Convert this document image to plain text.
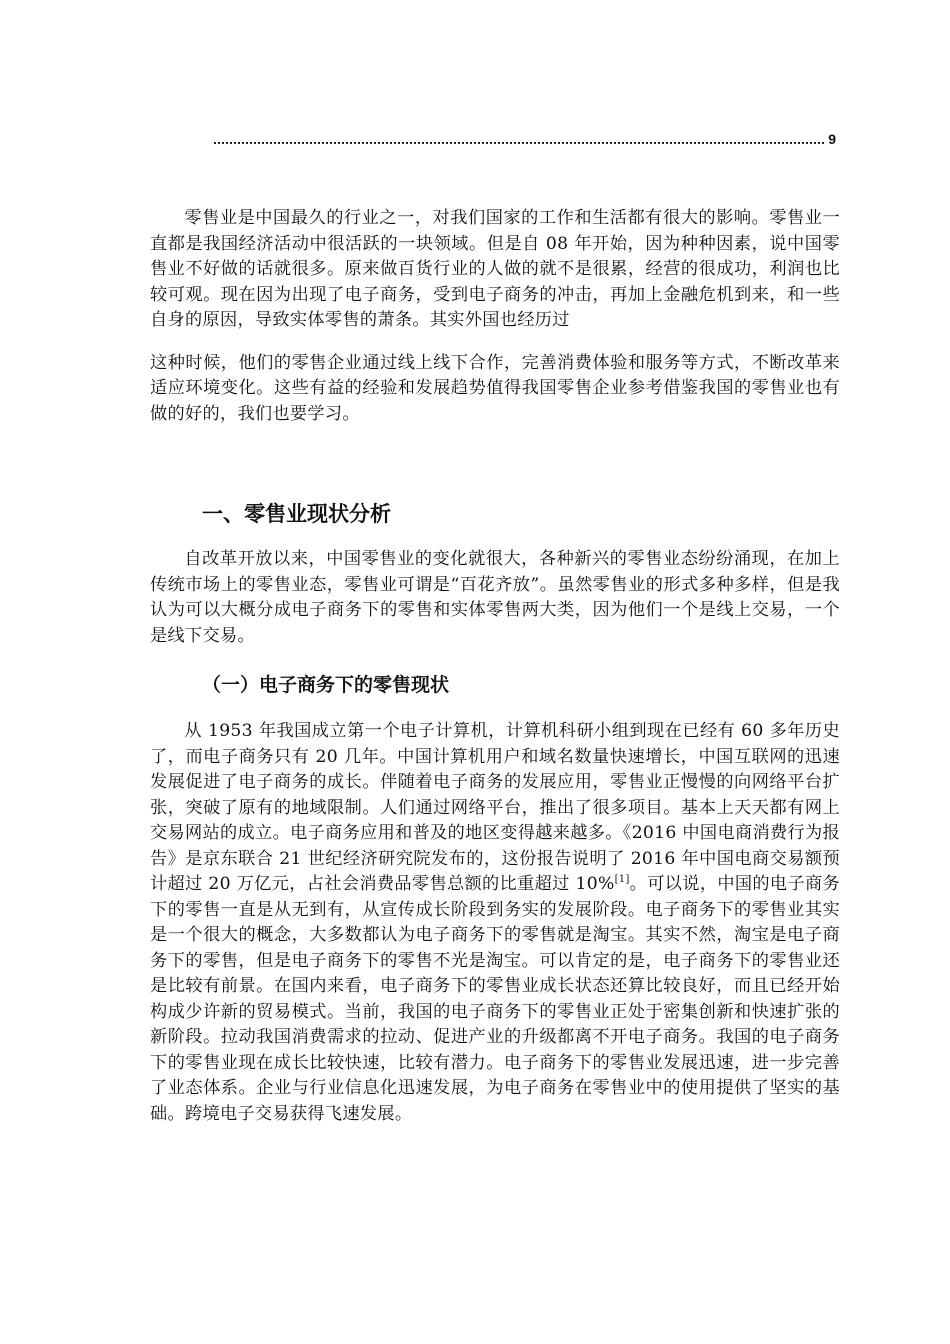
9

零售业是中国最久的行业之一，对我们国家的工作和生活都有很大的影响。零售业一直都是我国经济活动中很活跃的一块领域。但是自 08 年开始，因为种种因素，说中国零售业不好做的话就很多。原来做百货行业的人做的就不是很累，经营的很成功，利润也比较可观。现在因为出现了电子商务，受到电子商务的冲击，再加上金融危机到来，和一些自身的原因，导致实体零售的萧条。其实外国也经历过

这种时候，他们的零售企业通过线上线下合作，完善消费体验和服务等方式，不断改革来适应环境变化。这些有益的经验和发展趋势值得我国零售企业参考借鉴我国的零售业也有做的好的，我们也要学习。

一、零售业现状分析

自改革开放以来，中国零售业的变化就很大，各种新兴的零售业态纷纷涌现，在加上传统市场上的零售业态，零售业可谓是“百花齐放”。虽然零售业的形式多种多样，但是我认为可以大概分成电子商务下的零售和实体零售两大类，因为他们一个是线上交易，一个是线下交易。

（一）电子商务下的零售现状

从 1953 年我国成立第一个电子计算机，计算机科研小组到现在已经有 60 多年历史了，而电子商务只有 20 几年。中国计算机用户和域名数量快速增长，中国互联网的迅速发展促进了电子商务的成长。伴随着电子商务的发展应用，零售业正慢慢的向网络平台扩张，突破了原有的地域限制。人们通过网络平台，推出了很多项目。基本上天天都有网上交易网站的成立。电子商务应用和普及的地区变得越来越多。《2016 中国电商消费行为报告》是京东联合 21 世纪经济研究院发布的，这份报告说明了 2016 年中国电商交易额预计超过 20 万亿元，占社会消费品零售总额的比重超过 10%[1]。可以说，中国的电子商务下的零售一直是从无到有，从宣传成长阶段到务实的发展阶段。电子商务下的零售业其实是一个很大的概念，大多数都认为电子商务下的零售就是淘宝。其实不然，淘宝是电子商务下的零售，但是电子商务下的零售不光是淘宝。可以肯定的是，电子商务下的零售业还是比较有前景。在国内来看，电子商务下的零售业成长状态还算比较良好，而且已经开始构成少许新的贸易模式。当前，我国的电子商务下的零售业正处于密集创新和快速扩张的新阶段。拉动我国消费需求的拉动、促进产业的升级都离不开电子商务。我国的电子商务下的零售业现在成长比较快速，比较有潜力。电子商务下的零售业发展迅速，进一步完善了业态体系。企业与行业信息化迅速发展，为电子商务在零售业中的使用提供了坚实的基础。跨境电子交易获得飞速发展。
